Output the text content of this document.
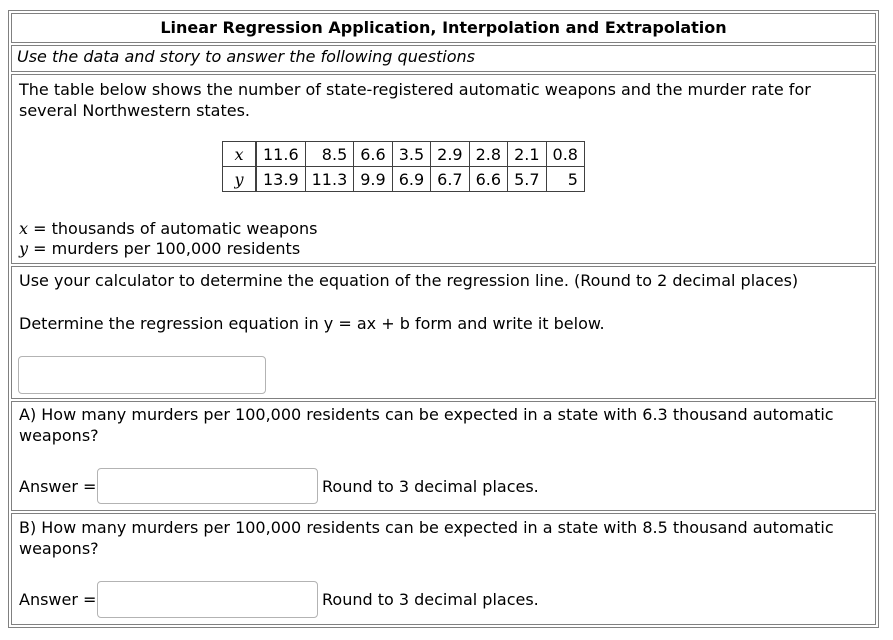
Linear Regression Application, Interpolation and Extrapolation
Use the data and story to answer the following questions
The table below shows the number of state-registered automatic weapons and the murder rate for
several Northwestern states.
x	11.6	8.5	6.6	3.5	2.9	2.8	2.1	0.8
y	13.9	11.3	9.9	6.9	6.7	6.6	5.7	5
x = thousands of automatic weapons
y = murders per 100,000 residents
Use your calculator to determine the equation of the regression line. (Round to 2 decimal places)
Determine the regression equation in y = ax + b form and write it below.
A) How many murders per 100,000 residents can be expected in a state with 6.3 thousand automatic
weapons?
Answer =	Round to 3 decimal places.
B) How many murders per 100,000 residents can be expected in a state with 8.5 thousand automatic
weapons?
Answer =	Round to 3 decimal places.
